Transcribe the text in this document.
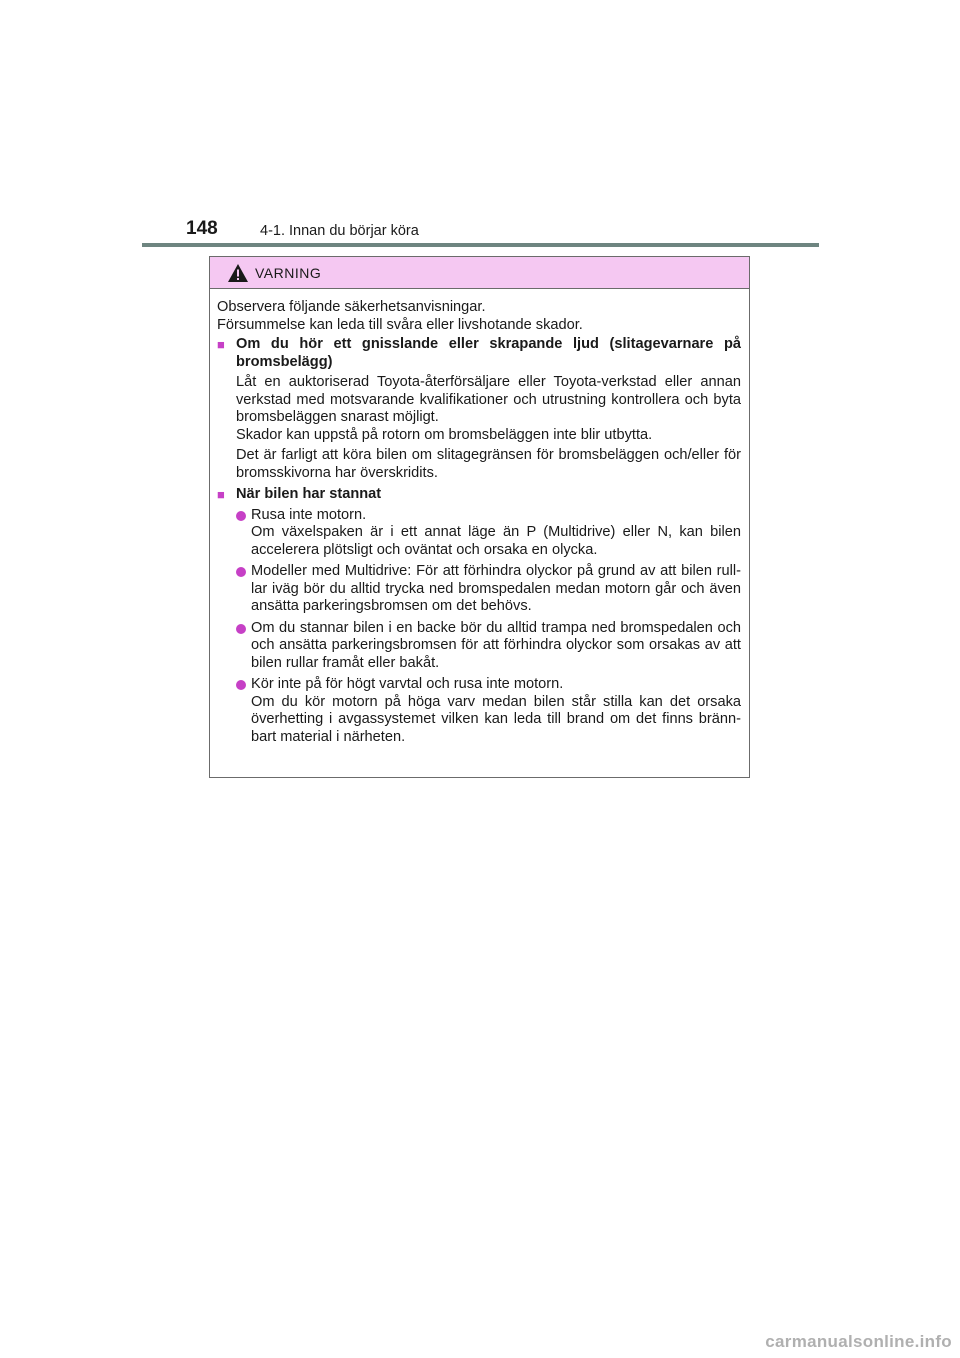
148	4-1. Innan du börjar köra
VARNING

Observera följande säkerhetsanvisningar.
Försummelse kan leda till svåra eller livshotande skador.

■ Om du hör ett gnisslande eller skrapande ljud (slitagevarnare på bromsbelägg)

Låt en auktoriserad Toyota-återförsäljare eller Toyota-verkstad eller annan verkstad med motsvarande kvalifikationer och utrustning kontrollera och byta bromsbeläggen snarast möjligt.
Skador kan uppstå på rotorn om bromsbeläggen inte blir utbytta.

Det är farligt att köra bilen om slitagegränsen för bromsbeläggen och/eller för bromsskivorna har överskridits.

■ När bilen har stannat
Rusa inte motorn.
Om växelspaken är i ett annat läge än P (Multidrive) eller N, kan bilen accelerera plötsligt och oväntat och orsaka en olycka.
Modeller med Multidrive: För att förhindra olyckor på grund av att bilen rull-lar iväg bör du alltid trycka ned bromspedalen medan motorn går och även ansätta parkeringsbromsen om det behövs.
Om du stannar bilen i en backe bör du alltid trampa ned bromspedalen och och ansätta parkeringsbromsen för att förhindra olyckor som orsakas av att bilen rullar framåt eller bakåt.
Kör inte på för högt varvtal och rusa inte motorn.
Om du kör motorn på höga varv medan bilen står stilla kan det orsaka överhetting i avgassystemet vilken kan leda till brand om det finns bränn-bart material i närheten.
carmanualsonline.info
